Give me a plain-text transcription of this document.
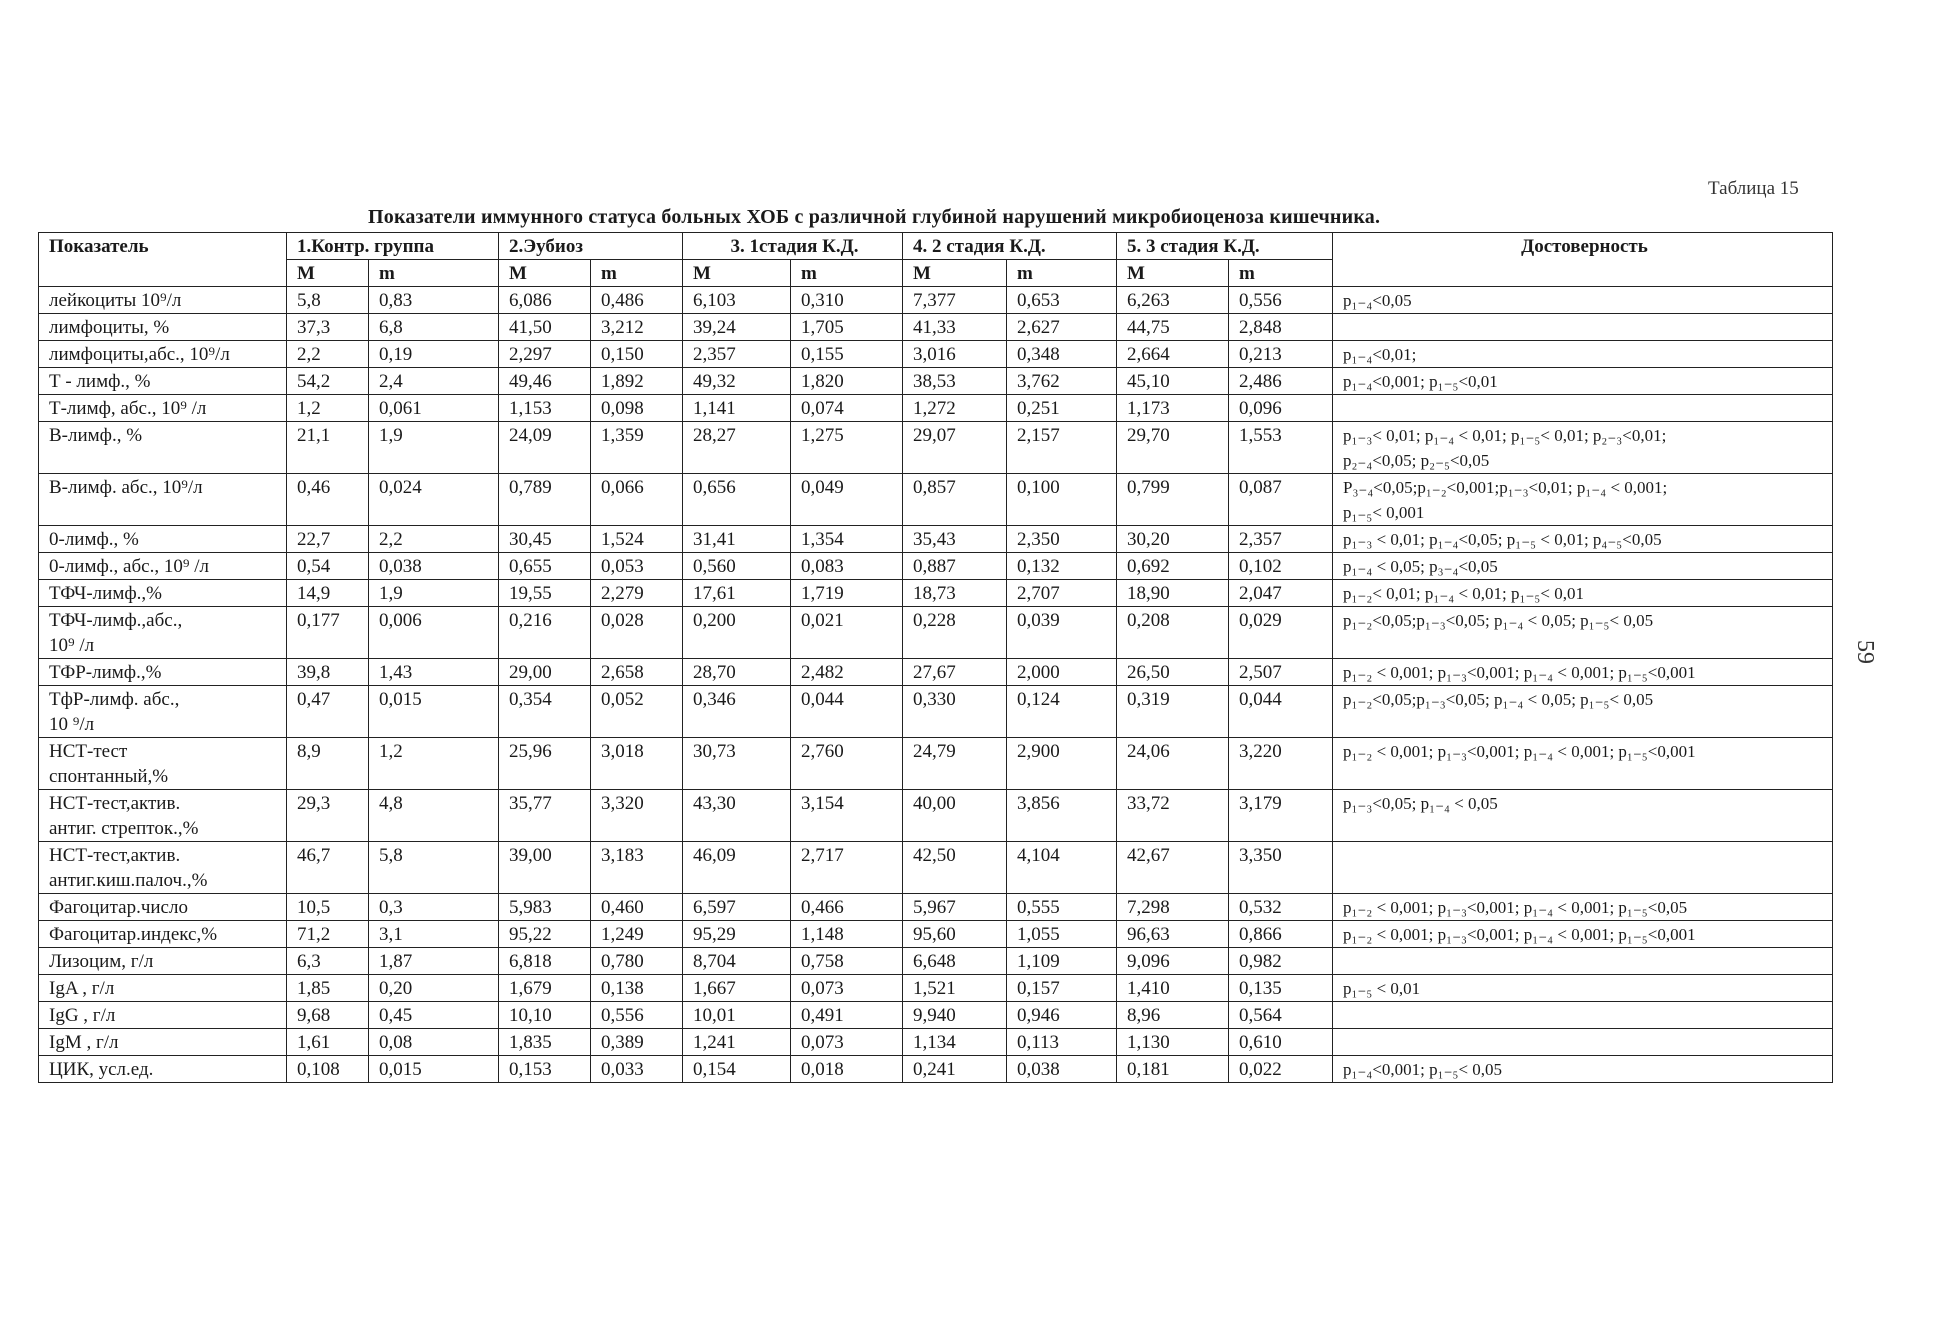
Таблица 15
Показатели иммунного статуса больных ХОБ с различной глубиной нарушений микробиоценоза кишечника.
59
Показатель	1.Контр. группа		2.Эубиоз		3. 1стадия К.Д.		4. 2 стадия К.Д.		5. 3 стадия К.Д.		Достоверность
	M	m	M	m	M	m	M	m	M	m	

лейкоциты 10⁹/л	5,8	0,83	6,086	0,486	6,103	0,310	7,377	0,653	6,263	0,556	p₁₋₄<0,05

лимфоциты, %	37,3	6,8	41,50	3,212	39,24	1,705	41,33	2,627	44,75	2,848	

лимфоциты,абс., 10⁹/л	2,2	0,19	2,297	0,150	2,357	0,155	3,016	0,348	2,664	0,213	p₁₋₄<0,01;

Т - лимф., %	54,2	2,4	49,46	1,892	49,32	1,820	38,53	3,762	45,10	2,486	p₁₋₄<0,001; p₁₋₅<0,01

Т-лимф, абс., 10⁹ /л	1,2	0,061	1,153	0,098	1,141	0,074	1,272	0,251	1,173	0,096	

В-лимф., %	21,1	1,9	24,09	1,359	28,27	1,275	29,07	2,157	29,70	1,553	p₁₋₃< 0,01; p₁₋₄ < 0,01; p₁₋₅< 0,01; p₂₋₃<0,01;
p₂₋₄<0,05; p₂₋₅<0,05

В-лимф. абс., 10⁹/л	0,46	0,024	0,789	0,066	0,656	0,049	0,857	0,100	0,799	0,087	P₃₋₄<0,05;p₁₋₂<0,001;p₁₋₃<0,01; p₁₋₄ < 0,001;
p₁₋₅< 0,001

0-лимф., %	22,7	2,2	30,45	1,524	31,41	1,354	35,43	2,350	30,20	2,357	p₁₋₃ < 0,01; p₁₋₄<0,05; p₁₋₅ < 0,01; p₄₋₅<0,05

0-лимф., абс., 10⁹ /л	0,54	0,038	0,655	0,053	0,560	0,083	0,887	0,132	0,692	0,102	p₁₋₄ < 0,05; p₃₋₄<0,05

ТФЧ-лимф.,%	14,9	1,9	19,55	2,279	17,61	1,719	18,73	2,707	18,90	2,047	p₁₋₂< 0,01; p₁₋₄ < 0,01; p₁₋₅< 0,01

ТФЧ-лимф.,абс.,
10⁹ /л	0,177	0,006	0,216	0,028	0,200	0,021	0,228	0,039	0,208	0,029	p₁₋₂<0,05;p₁₋₃<0,05; p₁₋₄ < 0,05; p₁₋₅< 0,05

ТФР-лимф.,%	39,8	1,43	29,00	2,658	28,70	2,482	27,67	2,000	26,50	2,507	p₁₋₂ < 0,001; p₁₋₃<0,001; p₁₋₄ < 0,001; p₁₋₅<0,001

ТфР-лимф. абс.,
10 ⁹/л	0,47	0,015	0,354	0,052	0,346	0,044	0,330	0,124	0,319	0,044	p₁₋₂<0,05;p₁₋₃<0,05; p₁₋₄ < 0,05; p₁₋₅< 0,05

НСТ-тест
спонтанный,%	8,9	1,2	25,96	3,018	30,73	2,760	24,79	2,900	24,06	3,220	p₁₋₂ < 0,001; p₁₋₃<0,001; p₁₋₄ < 0,001; p₁₋₅<0,001

НСТ-тест,актив.
антиг. стрепток.,%	29,3	4,8	35,77	3,320	43,30	3,154	40,00	3,856	33,72	3,179	p₁₋₃<0,05; p₁₋₄ < 0,05

НСТ-тест,актив.
антиг.киш.палоч.,%	46,7	5,8	39,00	3,183	46,09	2,717	42,50	4,104	42,67	3,350	

Фагоцитар.число	10,5	0,3	5,983	0,460	6,597	0,466	5,967	0,555	7,298	0,532	p₁₋₂ < 0,001; p₁₋₃<0,001; p₁₋₄ < 0,001; p₁₋₅<0,05

Фагоцитар.индекс,%	71,2	3,1	95,22	1,249	95,29	1,148	95,60	1,055	96,63	0,866	p₁₋₂ < 0,001; p₁₋₃<0,001; p₁₋₄ < 0,001; p₁₋₅<0,001

Лизоцим, г/л	6,3	1,87	6,818	0,780	8,704	0,758	6,648	1,109	9,096	0,982	

IgA , г/л	1,85	0,20	1,679	0,138	1,667	0,073	1,521	0,157	1,410	0,135	p₁₋₅ < 0,01

IgG , г/л	9,68	0,45	10,10	0,556	10,01	0,491	9,940	0,946	8,96	0,564	

IgM , г/л	1,61	0,08	1,835	0,389	1,241	0,073	1,134	0,113	1,130	0,610	

ЦИК, усл.ед.	0,108	0,015	0,153	0,033	0,154	0,018	0,241	0,038	0,181	0,022	p₁₋₄<0,001; p₁₋₅< 0,05
